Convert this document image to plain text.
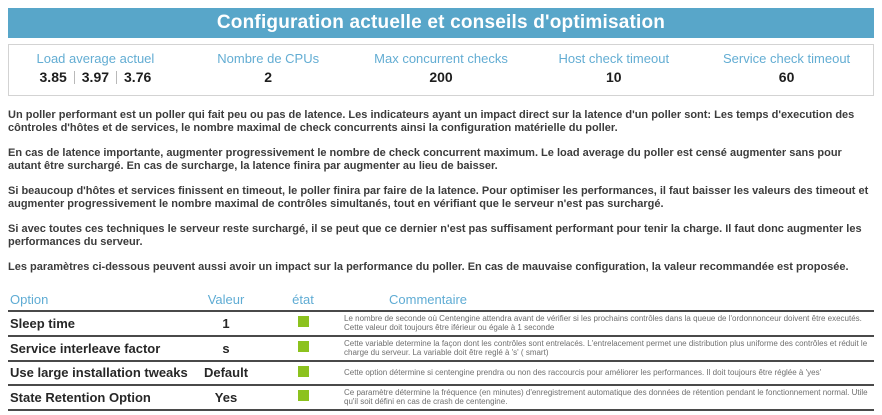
Configuration actuelle et conseils d'optimisation
Load average actuel
3.85	3.97	3.76
Nombre de CPUs
2
Max concurrent checks
200
Host check timeout
10
Service check timeout
60

Un poller performant est un poller qui fait peu ou pas de latence. Les indicateurs ayant un impact direct sur la latence d'un poller sont: Les temps d'execution des côntroles d'hôtes et de services, le nombre maximal de check concurrents ainsi la configuration matérielle du poller.

En cas de latence importante, augmenter progressivement le nombre de check concurrent maximum. Le load average du poller est censé augmenter sans pour autant être surchargé. En cas de surcharge, la latence finira par augmenter au lieu de baisser.

Si beaucoup d'hôtes et services finissent en timeout, le poller finira par faire de la latence. Pour optimiser les performances, il faut baisser les valeurs des timeout et augmenter progressivement le nombre maximal de contrôles simultanés, tout en vérifiant que le serveur n'est pas surchargé.

Si avec toutes ces techniques le serveur reste surchargé, il se peut que ce dernier n'est pas suffisament performant pour tenir la charge. Il faut donc augmenter les performances du serveur.

Les paramètres ci-dessous peuvent aussi avoir un impact sur la performance du poller. En cas de mauvaise configuration, la valeur recommandée est proposée.

Option	Valeur	état	Commentaire
Sleep time	1	Le nombre de seconde où Centengine attendra avant de vérifier si les prochains contrôles dans la queue de l'ordonnonceur doivent être executés. Cette valeur doit toujours être iférieur ou égale à 1 seconde
Service interleave factor	s	Cette variable determine la façon dont les contrôles sont entrelacés. L'entrelacement permet une distribution plus uniforme des contrôles et réduit le charge du serveur. La variable doit être reglé à 's' ( smart)
Use large installation tweaks	Default	Cette option détermine si centengine prendra ou non des raccourcis pour améliorer les performances. Il doit toujours être réglée à 'yes'
State Retention Option	Yes	Ce paramètre détermine la fréquence (en minutes) d'enregistrement automatique des données de rétention pendant le fonctionnement normal. Utile qu'il soit défini en cas de crash de centengine.
